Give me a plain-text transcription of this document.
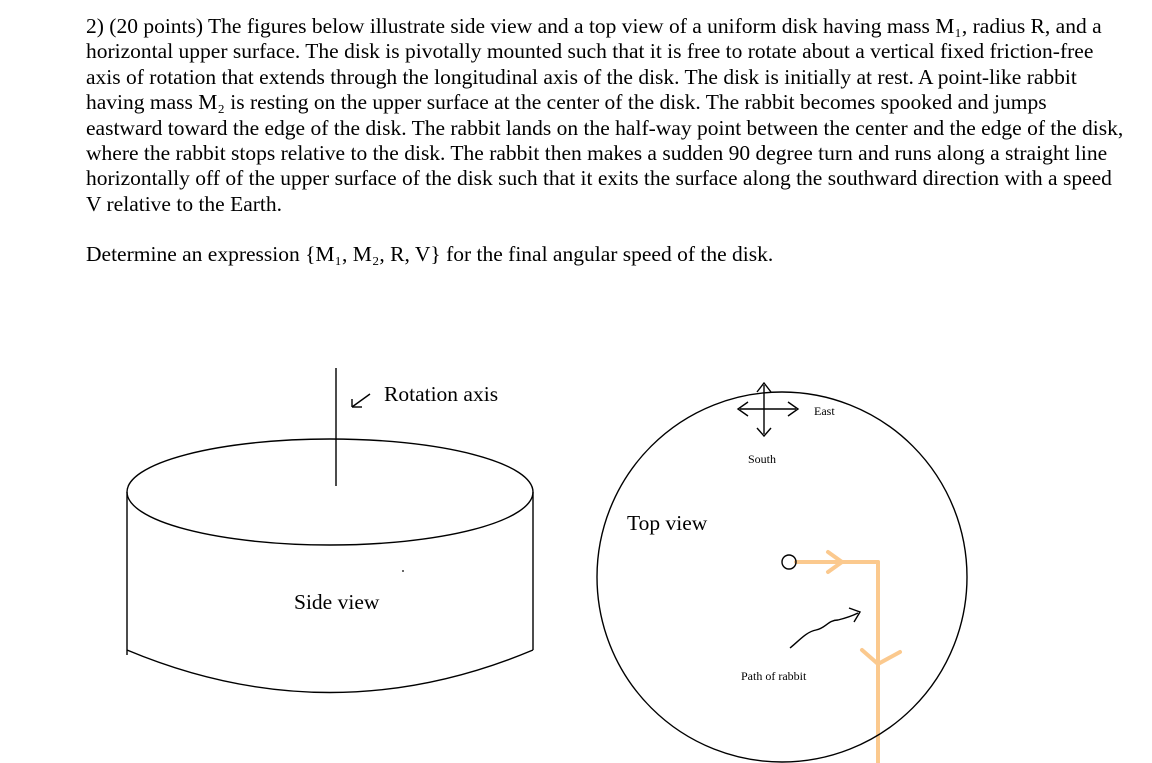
2) (20 points) The figures below illustrate side view and a top view of a uniform disk having mass M₁, radius R, and a horizontal upper surface. The disk is pivotally mounted such that it is free to rotate about a vertical fixed friction-free axis of rotation that extends through the longitudinal axis of the disk. The disk is initially at rest. A point-like rabbit having mass M₂ is resting on the upper surface at the center of the disk. The rabbit becomes spooked and jumps eastward toward the edge of the disk. The rabbit lands on the half-way point between the center and the edge of the disk, where the rabbit stops relative to the disk. The rabbit then makes a sudden 90 degree turn and runs along a straight line horizontally off of the upper surface of the disk such that it exits the surface along the southward direction with a speed V relative to the Earth.

Determine an expression {M₁, M₂, R, V} for the final angular speed of the disk.

Rotation axis
Side view
Top view
East
South
Path of rabbit
